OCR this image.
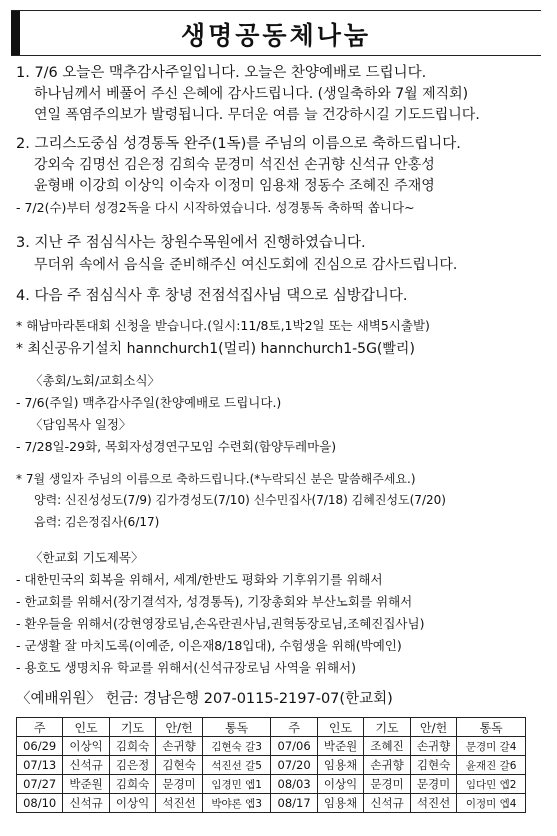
생명공동체나눔
1. 7/6 오늘은 맥추감사주일입니다. 오늘은 찬양예배로 드립니다.
하나님께서 베풀어 주신 은혜에 감사드립니다. (생일축하와 7월 제직회)
연일 폭염주의보가 발령됩니다. 무더운 여름 늘 건강하시길 기도드립니다.
2. 그리스도중심 성경통독 완주(1독)를 주님의 이름으로 축하드립니다.
강외숙 김명선 김은정 김희숙 문경미 석진선 손귀향 신석규 안홍성
윤형배 이강희 이상익 이숙자 이정미 임용채 정동수 조혜진 주재영
- 7/2(수)부터 성경2독을 다시 시작하였습니다. 성경통독 축하떡 쏩니다~
3. 지난 주 점심식사는 창원수목원에서 진행하였습니다.
무더위 속에서 음식을 준비해주신 여신도회에 진심으로 감사드립니다.
4. 다음 주 점심식사 후 창녕 전점석집사님 댁으로 심방갑니다.
* 해남마라톤대회 신청을 받습니다.(일시:11/8토,1박2일 또는 새벽5시출발)
* 최신공유기설치 hannchurch1(멀리) hannchurch1-5G(빨리)
〈총회/노회/교회소식〉
- 7/6(주일) 맥추감사주일(찬양예배로 드립니다.)
〈담임목사 일정〉
- 7/28일-29화, 목회자성경연구모임 수련회(함양두레마을)
* 7월 생일자 주님의 이름으로 축하드립니다.(*누락되신 분은 말씀해주세요.)
양력: 신진성성도(7/9) 김가경성도(7/10) 신수민집사(7/18) 김혜진성도(7/20)
음력: 김은정집사(6/17)
〈한교회 기도제목〉
- 대한민국의 회복을 위해서, 세계/한반도 평화와 기후위기를 위해서
- 한교회를 위해서(장기결석자, 성경통독), 기장총회와 부산노회를 위해서
- 환우들을 위해서(강현영장로님,손옥란권사님,권혁동장로님,조혜진집사님)
- 군생활 잘 마치도록(이예준, 이은재8/18입대), 수험생을 위해(박예인)
- 용호도 생명치유 학교를 위해서(신석규장로님 사역을 위해서)
〈예배위원〉 헌금: 경남은행 207-0115-2197-07(한교회)
주	인도	기도	안/헌	통독	주	인도	기도	안/헌	통독
06/29	이상익	김희숙	손귀향	김현숙 갈3	07/06	박준원	조혜진	손귀향	문경미 갈4
07/13	신석규	김은정	김현숙	석진선 갈5	07/20	임용채	손귀향	김현숙	윤재진 갈6
07/27	박준원	김희숙	문경미	임경민 엡1	08/03	이상익	문경미	문경미	임다민 엡2
08/10	신석규	이상익	석진선	박야론 엡3	08/17	임용채	신석규	석진선	이정미 엡4
